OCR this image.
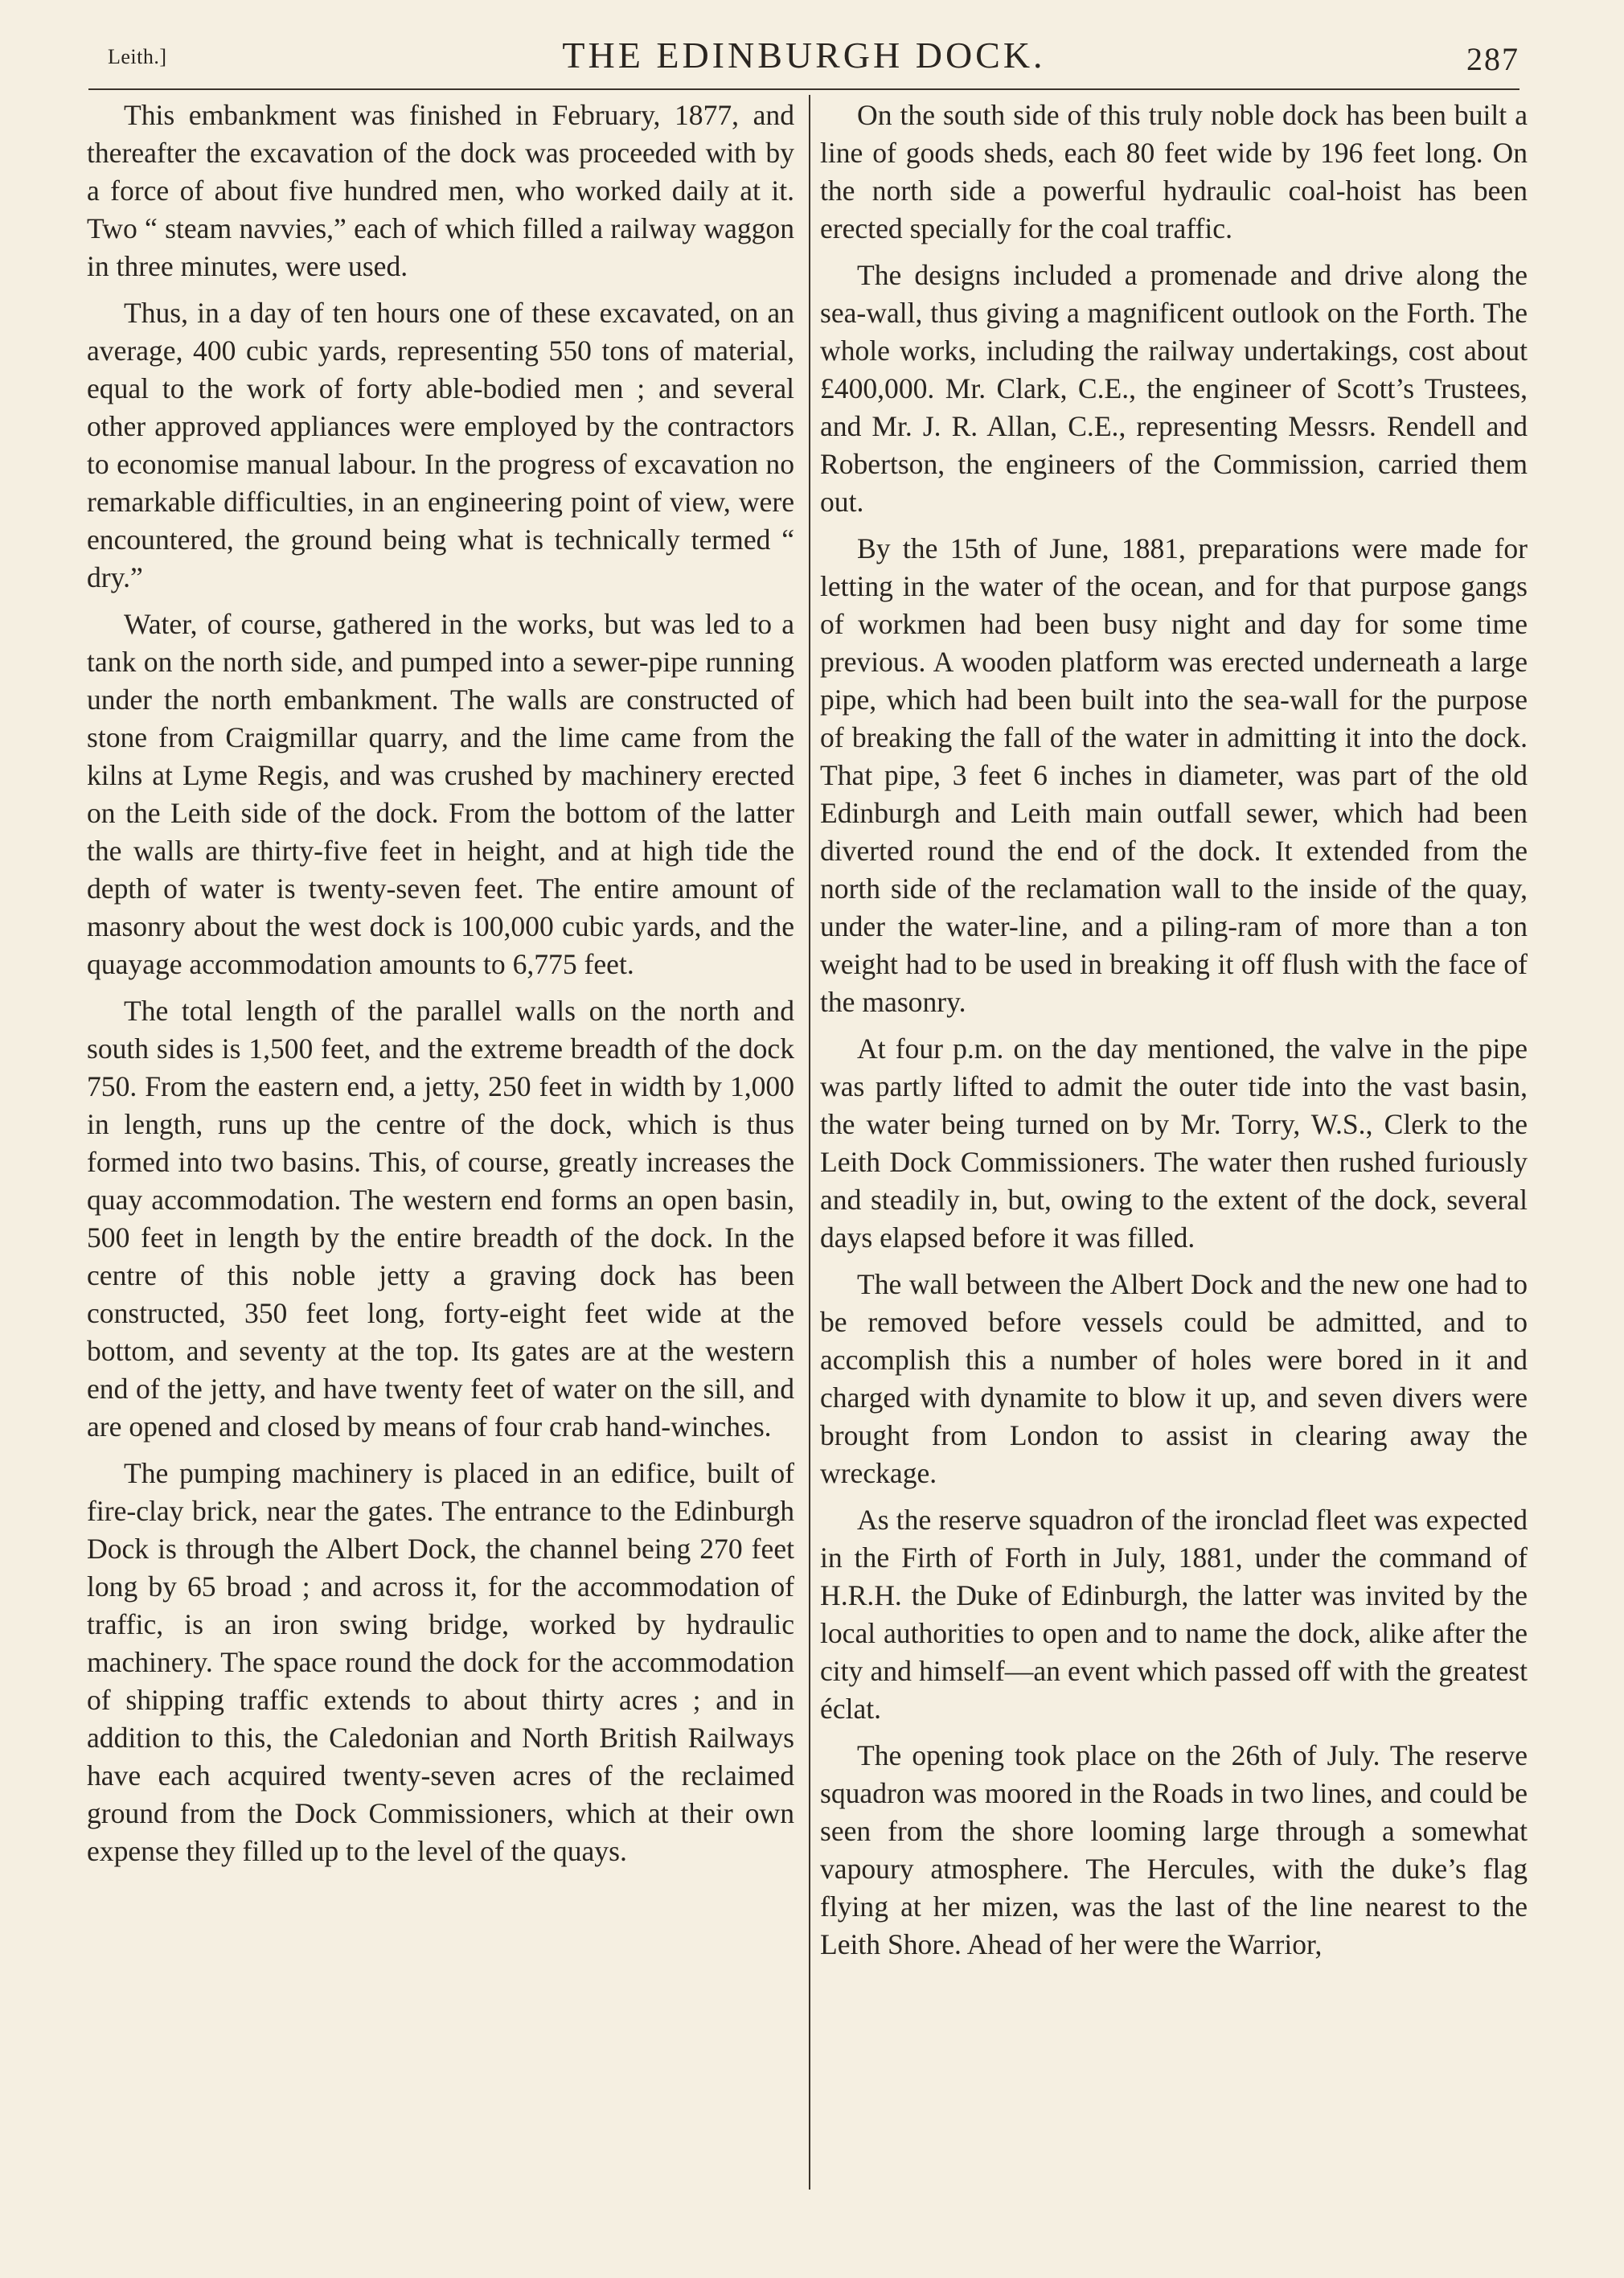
Leith.]	THE EDINBURGH DOCK.	287

This embankment was finished in February, 1877, and thereafter the excavation of the dock was proceeded with by a force of about five hundred men, who worked daily at it. Two “ steam navvies,” each of which filled a railway waggon in three minutes, were used.

Thus, in a day of ten hours one of these excavated, on an average, 400 cubic yards, representing 550 tons of material, equal to the work of forty able-bodied men ; and several other approved appliances were employed by the contractors to economise manual labour. In the progress of excavation no remarkable difficulties, in an engineering point of view, were encountered, the ground being what is technically termed “ dry.”

Water, of course, gathered in the works, but was led to a tank on the north side, and pumped into a sewer-pipe running under the north embankment. The walls are constructed of stone from Craigmillar quarry, and the lime came from the kilns at Lyme Regis, and was crushed by machinery erected on the Leith side of the dock. From the bottom of the latter the walls are thirty-five feet in height, and at high tide the depth of water is twenty-seven feet. The entire amount of masonry about the west dock is 100,000 cubic yards, and the quayage accommodation amounts to 6,775 feet.

The total length of the parallel walls on the north and south sides is 1,500 feet, and the extreme breadth of the dock 750. From the eastern end, a jetty, 250 feet in width by 1,000 in length, runs up the centre of the dock, which is thus formed into two basins. This, of course, greatly increases the quay accommodation. The western end forms an open basin, 500 feet in length by the entire breadth of the dock. In the centre of this noble jetty a graving dock has been constructed, 350 feet long, forty-eight feet wide at the bottom, and seventy at the top. Its gates are at the western end of the jetty, and have twenty feet of water on the sill, and are opened and closed by means of four crab hand-winches.

The pumping machinery is placed in an edifice, built of fire-clay brick, near the gates. The entrance to the Edinburgh Dock is through the Albert Dock, the channel being 270 feet long by 65 broad ; and across it, for the accommodation of traffic, is an iron swing bridge, worked by hydraulic machinery. The space round the dock for the accommodation of shipping traffic extends to about thirty acres ; and in addition to this, the Caledonian and North British Railways have each acquired twenty-seven acres of the reclaimed ground from the Dock Commissioners, which at their own expense they filled up to the level of the quays.

On the south side of this truly noble dock has been built a line of goods sheds, each 80 feet wide by 196 feet long. On the north side a powerful hydraulic coal-hoist has been erected specially for the coal traffic.

The designs included a promenade and drive along the sea-wall, thus giving a magnificent outlook on the Forth. The whole works, including the railway undertakings, cost about £400,000. Mr. Clark, C.E., the engineer of Scott’s Trustees, and Mr. J. R. Allan, C.E., representing Messrs. Rendell and Robertson, the engineers of the Commission, carried them out.

By the 15th of June, 1881, preparations were made for letting in the water of the ocean, and for that purpose gangs of workmen had been busy night and day for some time previous. A wooden platform was erected underneath a large pipe, which had been built into the sea-wall for the purpose of breaking the fall of the water in admitting it into the dock. That pipe, 3 feet 6 inches in diameter, was part of the old Edinburgh and Leith main outfall sewer, which had been diverted round the end of the dock. It extended from the north side of the reclamation wall to the inside of the quay, under the water-line, and a piling-ram of more than a ton weight had to be used in breaking it off flush with the face of the masonry.

At four p.m. on the day mentioned, the valve in the pipe was partly lifted to admit the outer tide into the vast basin, the water being turned on by Mr. Torry, W.S., Clerk to the Leith Dock Commissioners. The water then rushed furiously and steadily in, but, owing to the extent of the dock, several days elapsed before it was filled.

The wall between the Albert Dock and the new one had to be removed before vessels could be admitted, and to accomplish this a number of holes were bored in it and charged with dynamite to blow it up, and seven divers were brought from London to assist in clearing away the wreckage.

As the reserve squadron of the ironclad fleet was expected in the Firth of Forth in July, 1881, under the command of H.R.H. the Duke of Edinburgh, the latter was invited by the local authorities to open and to name the dock, alike after the city and himself—an event which passed off with the greatest éclat.

The opening took place on the 26th of July. The reserve squadron was moored in the Roads in two lines, and could be seen from the shore looming large through a somewhat vapoury atmosphere. The Hercules, with the duke’s flag flying at her mizen, was the last of the line nearest to the Leith Shore. Ahead of her were the Warrior,
